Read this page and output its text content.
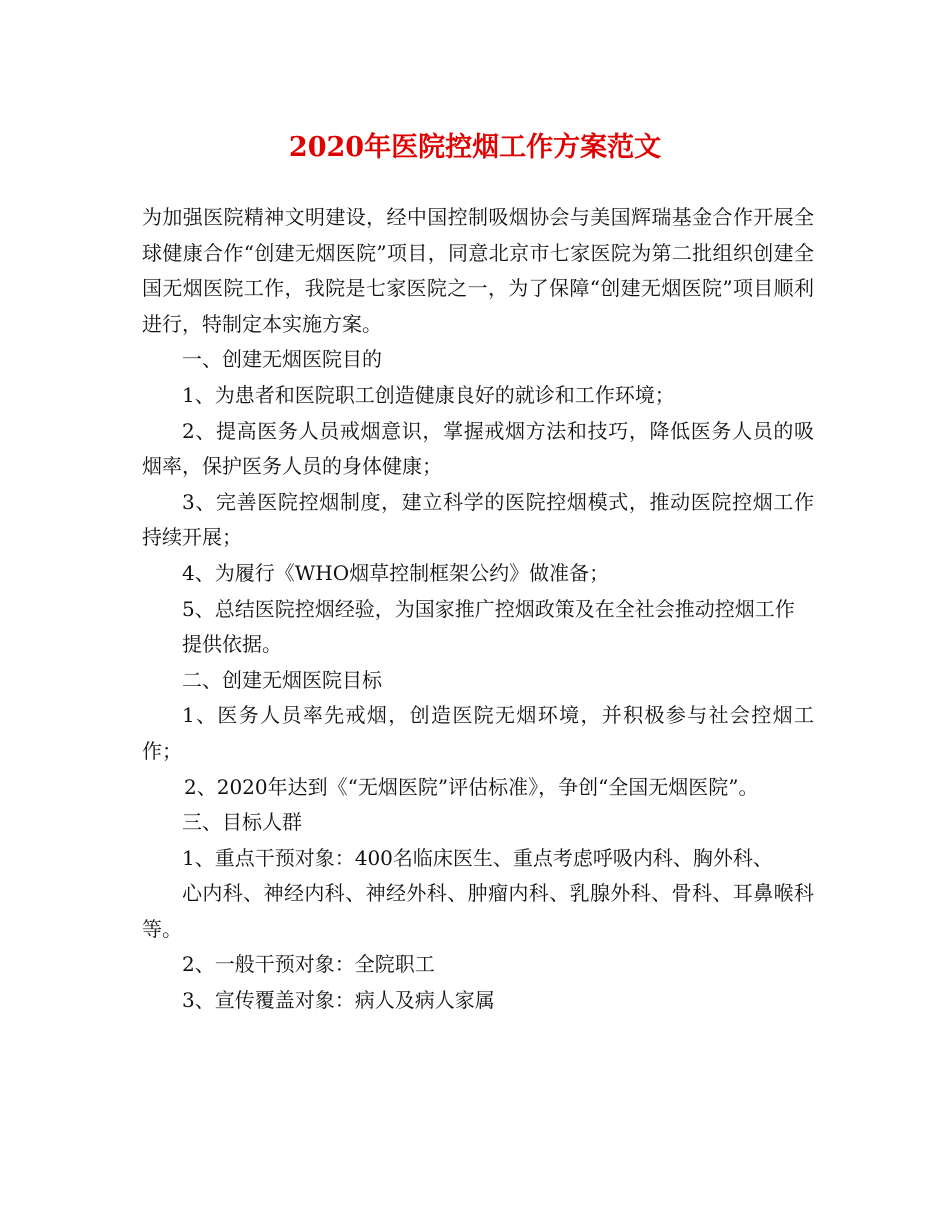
2020年医院控烟工作方案范文

为加强医院精神文明建设，经中国控制吸烟协会与美国辉瑞基金合作开展全球健康合作“创建无烟医院”项目，同意北京市七家医院为第二批组织创建全国无烟医院工作，我院是七家医院之一，为了保障“创建无烟医院”项目顺利进行，特制定本实施方案。

一、创建无烟医院目的

1、为患者和医院职工创造健康良好的就诊和工作环境；

2、提高医务人员戒烟意识，掌握戒烟方法和技巧，降低医务人员的吸烟率，保护医务人员的身体健康；

3、完善医院控烟制度，建立科学的医院控烟模式，推动医院控烟工作持续开展；

4、为履行《WHO烟草控制框架公约》做准备；

5、总结医院控烟经验，为国家推广控烟政策及在全社会推动控烟工作

提供依据。

二、创建无烟医院目标

1、医务人员率先戒烟，创造医院无烟环境，并积极参与社会控烟工作；

2、2020年达到《“无烟医院”评估标准》，争创“全国无烟医院”。

三、目标人群

1、重点干预对象：400名临床医生、重点考虑呼吸内科、胸外科、

心内科、神经内科、神经外科、肿瘤内科、乳腺外科、骨科、耳鼻喉科等。

2、一般干预对象：全院职工

3、宣传覆盖对象：病人及病人家属
